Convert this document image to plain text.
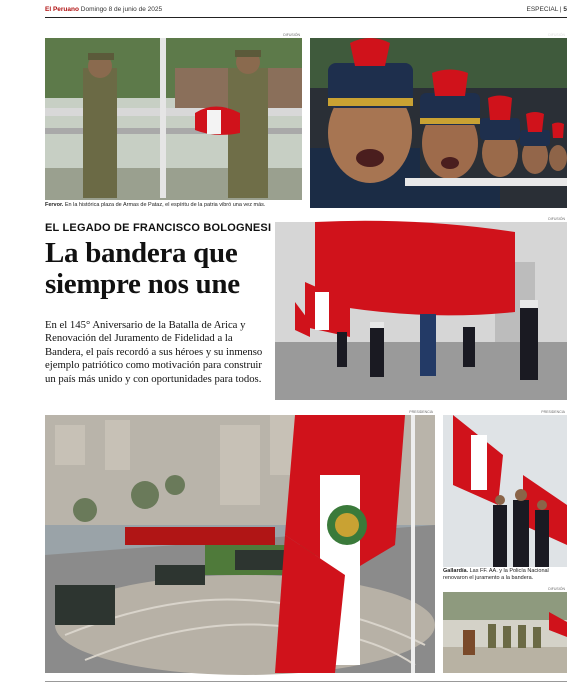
El Peruano Domingo 8 de junio de 2025	ESPECIAL | 5
DIFUSIÓN	DIFUSIÓN
Fervor. En la histórica plaza de Armas de Pataz, el espíritu de la patria vibró una vez más.
EL LEGADO DE FRANCISCO BOLOGNESI
La bandera que
siempre nos une
En el 145° Aniversario de la Batalla de Arica y Renovación del Juramento de Fidelidad a la Bandera, el país recordó a sus héroes y su inmenso ejemplo patriótico como motivación para construir un país más unido y con oportunidades para todos.
DIFUSIÓN
PRESIDENCIA	PRESIDENCIA
Gallardía. Las FF. AA. y la Policía Nacional renovaron el juramento a la bandera.
DIFUSIÓN
